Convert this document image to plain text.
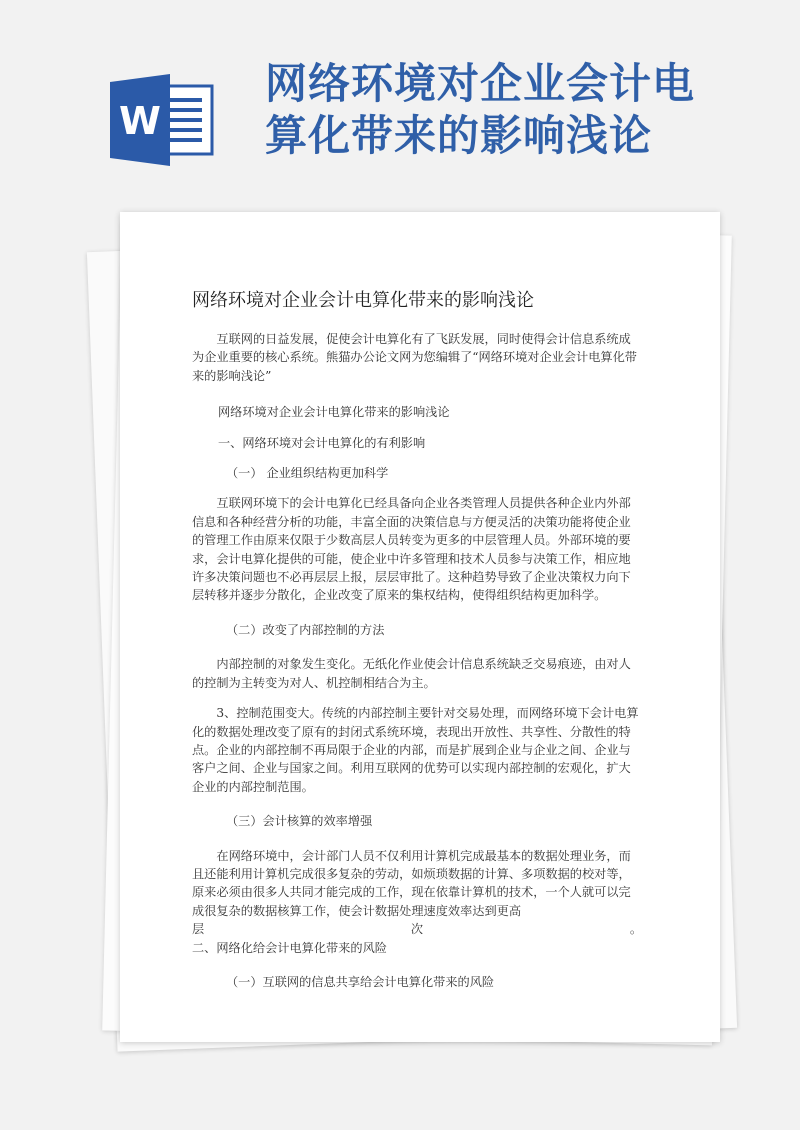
W
网络环境对企业会计电
算化带来的影响浅论
网络环境对企业会计电算化带来的影响浅论

互联网的日益发展，促使会计电算化有了飞跃发展，同时使得会计信息系统成为企业重要的核心系统。熊猫办公论文网为您编辑了“网络环境对企业会计电算化带来的影响浅论”

网络环境对企业会计电算化带来的影响浅论

一、网络环境对会计电算化的有利影响

（一） 企业组织结构更加科学

互联网环境下的会计电算化已经具备向企业各类管理人员提供各种企业内外部信息和各种经营分析的功能，丰富全面的决策信息与方便灵活的决策功能将使企业的管理工作由原来仅限于少数高层人员转变为更多的中层管理人员。外部环境的要求，会计电算化提供的可能，使企业中许多管理和技术人员参与决策工作，相应地许多决策问题也不必再层层上报，层层审批了。这种趋势导致了企业决策权力向下层转移并逐步分散化，企业改变了原来的集权结构，使得组织结构更加科学。

（二）改变了内部控制的方法

内部控制的对象发生变化。无纸化作业使会计信息系统缺乏交易痕迹，由对人的控制为主转变为对人、机控制相结合为主。

3、控制范围变大。传统的内部控制主要针对交易处理，而网络环境下会计电算化的数据处理改变了原有的封闭式系统环境，表现出开放性、共享性、分散性的特点。企业的内部控制不再局限于企业的内部，而是扩展到企业与企业之间、企业与客户之间、企业与国家之间。利用互联网的优势可以实现内部控制的宏观化，扩大企业的内部控制范围。

（三）会计核算的效率增强

在网络环境中，会计部门人员不仅利用计算机完成最基本的数据处理业务，而且还能利用计算机完成很多复杂的劳动，如烦琐数据的计算、多项数据的校对等，原来必须由很多人共同才能完成的工作，现在依靠计算机的技术，一个人就可以完成很复杂的数据核算工作，使会计数据处理速度效率达到更高

层	次	。

二、网络化给会计电算化带来的风险

（一）互联网的信息共享给会计电算化带来的风险
